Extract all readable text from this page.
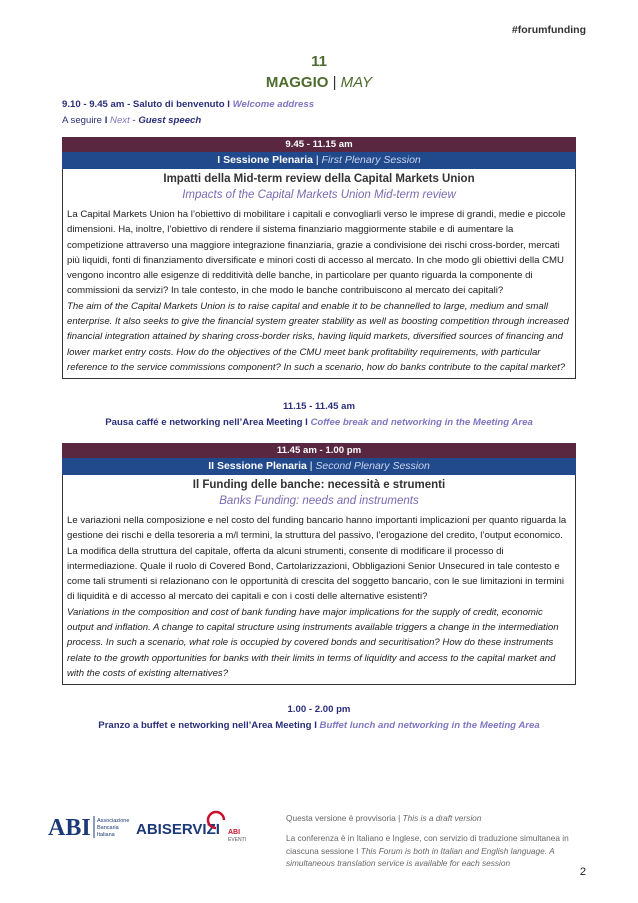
#forumfunding
11
MAGGIO | MAY
9.10 - 9.45 am - Saluto di benvenuto I Welcome address
A seguire I Next - Guest speech
9.45 - 11.15 am
I Sessione Plenaria | First Plenary Session
Impatti della Mid-term review della Capital Markets Union
Impacts of the Capital Markets Union Mid-term review
La Capital Markets Union ha l’obiettivo di mobilitare i capitali e convogliarli verso le imprese di grandi, medie e piccole dimensioni. Ha, inoltre, l’obiettivo di rendere il sistema finanziario maggiormente stabile e di aumentare la competizione attraverso una maggiore integrazione finanziaria, grazie a condivisione dei rischi cross-border, mercati più liquidi, fonti di finanziamento diversificate e minori costi di accesso al mercato. In che modo gli obiettivi della CMU vengono incontro alle esigenze di redditività delle banche, in particolare per quanto riguarda la componente di commissioni da servizi? In tale contesto, in che modo le banche contribuiscono al mercato dei capitali?
The aim of the Capital Markets Union is to raise capital and enable it to be channelled to large, medium and small enterprise. It also seeks to give the financial system greater stability as well as boosting competition through increased financial integration attained by sharing cross-border risks, having liquid markets, diversified sources of financing and lower market entry costs. How do the objectives of the CMU meet bank profitability requirements, with particular reference to the service commissions component? In such a scenario, how do banks contribute to the capital market?
11.15 - 11.45 am
Pausa caffé e networking nell’Area Meeting I Coffee break and networking in the Meeting Area
11.45 am - 1.00 pm
II Sessione Plenaria | Second Plenary Session
Il Funding delle banche: necessità e strumenti
Banks Funding: needs and instruments
Le variazioni nella composizione e nel costo del funding bancario hanno importanti implicazioni per quanto riguarda la gestione dei rischi e della tesoreria a m/l termini, la struttura del passivo, l’erogazione del credito, l’output economico. La modifica della struttura del capitale, offerta da alcuni strumenti, consente di modificare il processo di intermediazione. Quale il ruolo di Covered Bond, Cartolarizzazioni, Obbligazioni Senior Unsecured in tale contesto e come tali strumenti si relazionano con le opportunità di crescita del soggetto bancario, con le sue limitazioni in termini di liquidità e di accesso al mercato dei capitali e con i costi delle alternative esistenti?
Variations in the composition and cost of bank funding have major implications for the supply of credit, economic output and inflation. A change to capital structure using instruments available triggers a change in the intermediation process. In such a scenario, what role is occupied by covered bonds and securitisation? How do these instruments relate to the growth opportunities for banks with their limits in terms of liquidity and access to the capital market and with the costs of existing alternatives?
1.00 - 2.00 pm
Pranzo a buffet e networking nell’Area Meeting I Buffet lunch and networking in the Meeting Area
ABI Associazione
Bancaria
Italiana ABISERVIZI ABI
EVENTI
Questa versione è provvisoria | This is a draft version
La conferenza è in Italiano e Inglese, con servizio di traduzione simultanea in ciascuna sessione I This Forum is both in Italian and English language. A simultaneous translation service is available for each session
2
